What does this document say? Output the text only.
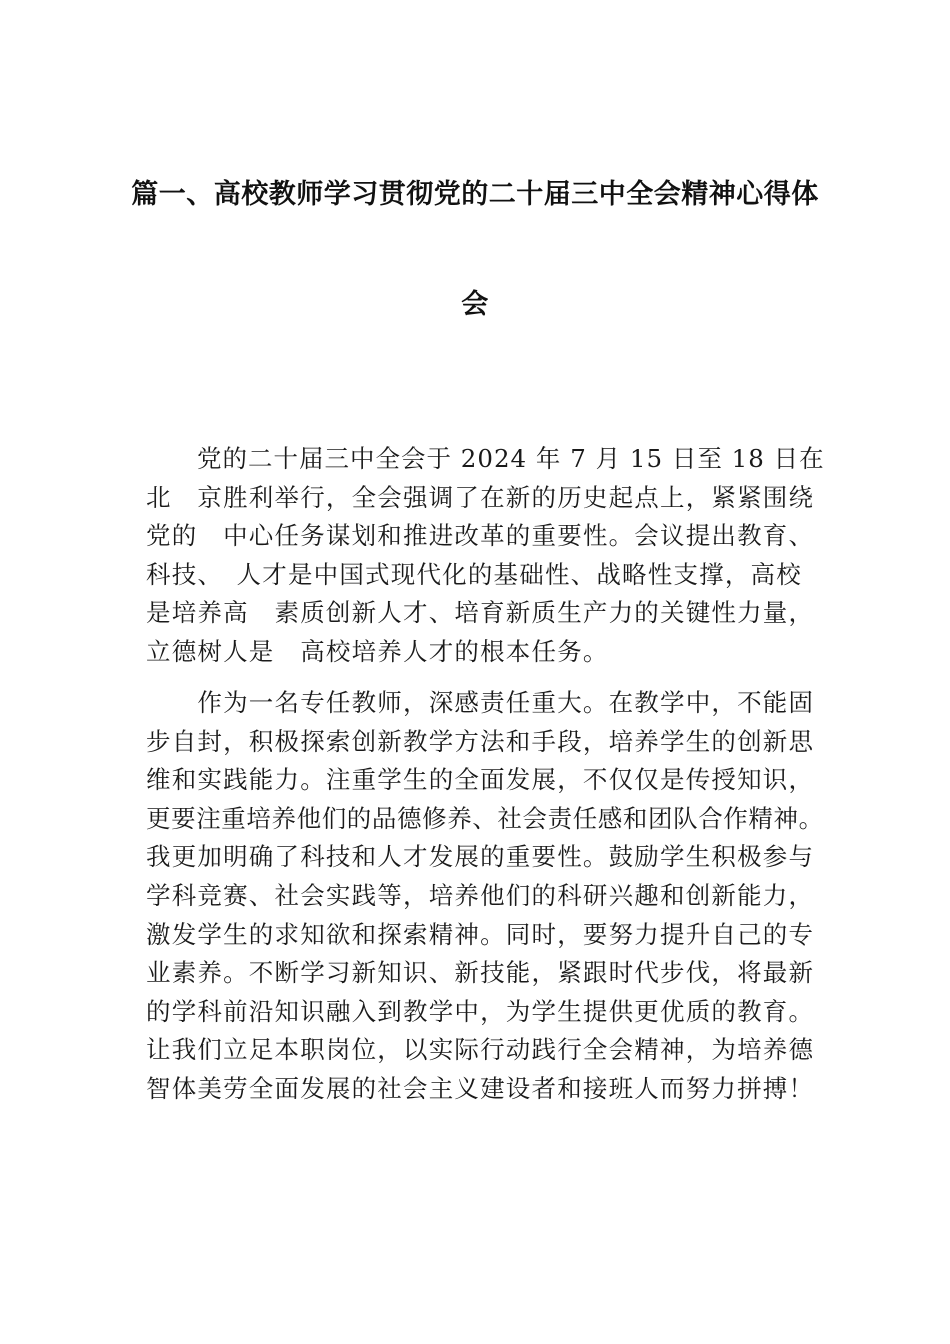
篇一、高校教师学习贯彻党的二十届三中全会精神心得体
会
　　党的二十届三中全会于 2024 年 7 月 15 日至 18 日在
北　京胜利举行，全会强调了在新的历史起点上，紧紧围绕
党的　中心任务谋划和推进改革的重要性。会议提出教育、
科技、　人才是中国式现代化的基础性、战略性支撑，高校
是培养高　素质创新人才、培育新质生产力的关键性力量，
立德树人是　高校培养人才的根本任务。
　　作为一名专任教师，深感责任重大。在教学中，不能固
步自封，积极探索创新教学方法和手段，培养学生的创新思
维和实践能力。注重学生的全面发展，不仅仅是传授知识，
更要注重培养他们的品德修养、社会责任感和团队合作精神。
我更加明确了科技和人才发展的重要性。鼓励学生积极参与
学科竞赛、社会实践等，培养他们的科研兴趣和创新能力，
激发学生的求知欲和探索精神。同时，要努力提升自己的专
业素养。不断学习新知识、新技能，紧跟时代步伐，将最新
的学科前沿知识融入到教学中，为学生提供更优质的教育。
让我们立足本职岗位，以实际行动践行全会精神，为培养德
智体美劳全面发展的社会主义建设者和接班人而努力拼搏！
